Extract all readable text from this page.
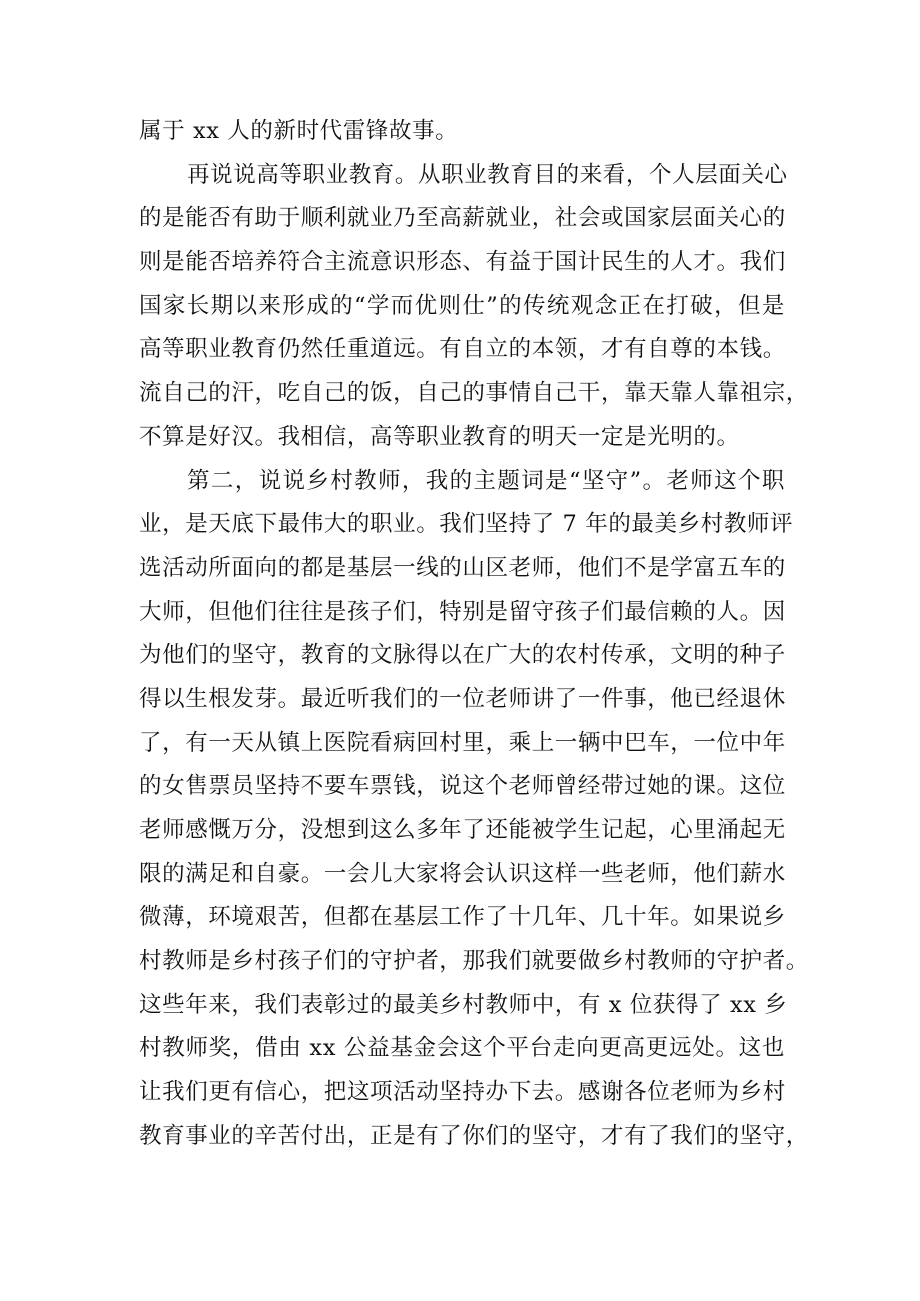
属于 xx 人的新时代雷锋故事。
再说说高等职业教育。从职业教育目的来看，个人层面关心
的是能否有助于顺利就业乃至高薪就业，社会或国家层面关心的
则是能否培养符合主流意识形态、有益于国计民生的人才。我们
国家长期以来形成的“学而优则仕”的传统观念正在打破，但是
高等职业教育仍然任重道远。有自立的本领，才有自尊的本钱。
流自己的汗，吃自己的饭，自己的事情自己干，靠天靠人靠祖宗，
不算是好汉。我相信，高等职业教育的明天一定是光明的。
第二，说说乡村教师，我的主题词是“坚守”。老师这个职
业，是天底下最伟大的职业。我们坚持了 7 年的最美乡村教师评
选活动所面向的都是基层一线的山区老师，他们不是学富五车的
大师，但他们往往是孩子们，特别是留守孩子们最信赖的人。因
为他们的坚守，教育的文脉得以在广大的农村传承，文明的种子
得以生根发芽。最近听我们的一位老师讲了一件事，他已经退休
了，有一天从镇上医院看病回村里，乘上一辆中巴车，一位中年
的女售票员坚持不要车票钱，说这个老师曾经带过她的课。这位
老师感慨万分，没想到这么多年了还能被学生记起，心里涌起无
限的满足和自豪。一会儿大家将会认识这样一些老师，他们薪水
微薄，环境艰苦，但都在基层工作了十几年、几十年。如果说乡
村教师是乡村孩子们的守护者，那我们就要做乡村教师的守护者。
这些年来，我们表彰过的最美乡村教师中，有 x 位获得了 xx 乡
村教师奖，借由 xx 公益基金会这个平台走向更高更远处。这也
让我们更有信心，把这项活动坚持办下去。感谢各位老师为乡村
教育事业的辛苦付出，正是有了你们的坚守，才有了我们的坚守，
